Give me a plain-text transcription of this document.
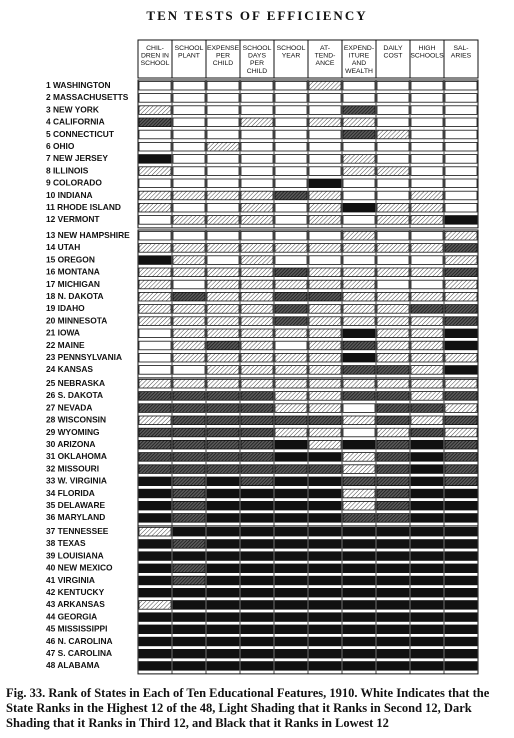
TEN TESTS OF EFFICIENCY
CHIL-
DREN IN
SCHOOL
SCHOOL
PLANT
EXPENSE
PER
CHILD
SCHOOL
DAYS
PER
CHILD
SCHOOL
YEAR
AT-
TEND-
ANCE
EXPEND-
ITURE
AND
WEALTH
DAILY
COST
HIGH
SCHOOLS
SAL-
ARIES
1 WASHINGTON
2 MASSACHUSETTS
3 NEW YORK
4 CALIFORNIA
5 CONNECTICUT
6 OHIO
7 NEW JERSEY
8 ILLINOIS
9 COLORADO
10 INDIANA
11 RHODE ISLAND
12 VERMONT
13 NEW HAMPSHIRE
14 UTAH
15 OREGON
16 MONTANA
17 MICHIGAN
18 N. DAKOTA
19 IDAHO
20 MINNESOTA
21 IOWA
22 MAINE
23 PENNSYLVANIA
24 KANSAS
25 NEBRASKA
26 S. DAKOTA
27 NEVADA
28 WISCONSIN
29 WYOMING
30 ARIZONA
31 OKLAHOMA
32 MISSOURI
33 W. VIRGINIA
34 FLORIDA
35 DELAWARE
36 MARYLAND
37 TENNESSEE
38 TEXAS
39 LOUISIANA
40 NEW MEXICO
41 VIRGINIA
42 KENTUCKY
43 ARKANSAS
44 GEORGIA
45 MISSISSIPPI
46 N. CAROLINA
47 S. CAROLINA
48 ALABAMA
Fig. 33. Rank of States in Each of Ten Educational Features, 1910. White Indicates that the State Ranks in the Highest 12 of the 48, Light Shading that it Ranks in Second 12, Dark Shading that it Ranks in Third 12, and Black that it Ranks in Lowest 12
